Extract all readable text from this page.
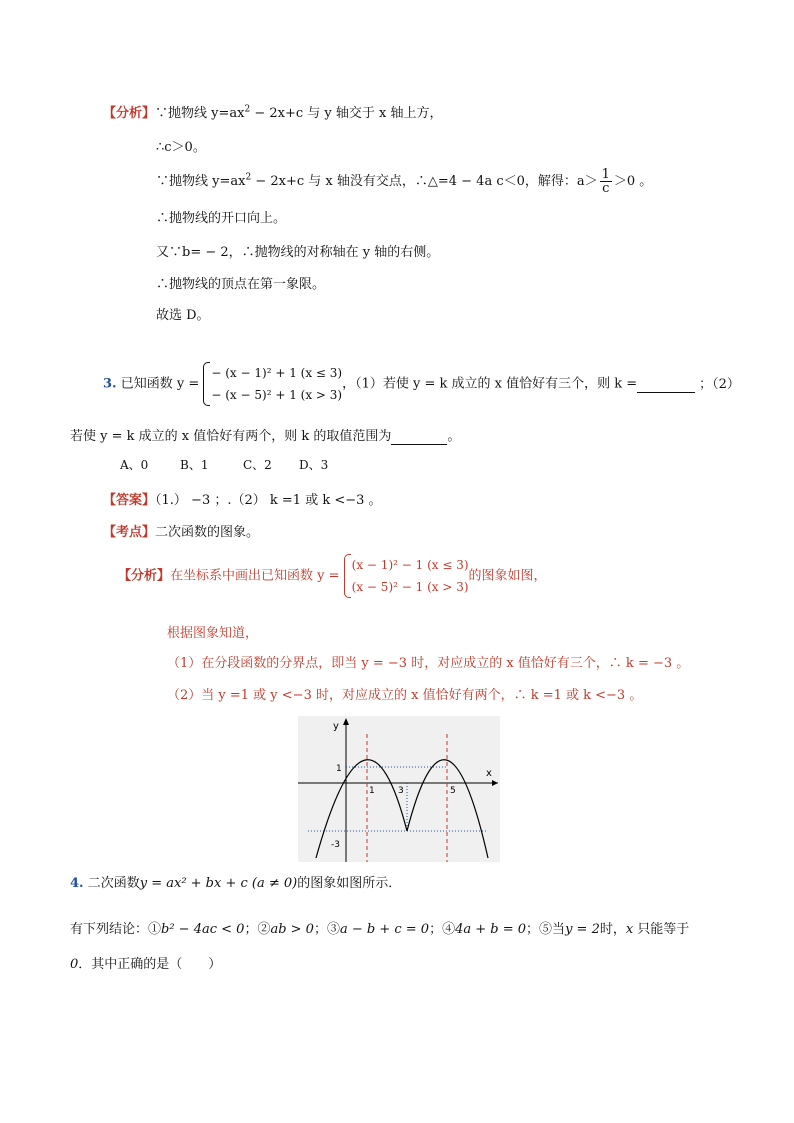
【分析】∵抛物线 $y=ax^2 - 2x+c$ 与 y 轴交于 x 轴上方，
∴c＞0。
∵抛物线 $y=ax^2 - 2x+c$ 与 x 轴没有交点，∴△=4 − 4a c＜0，解得：$a> \frac{1}{c} >0$ 。
∴抛物线的开口向上。
又∵b= − 2，∴抛物线的对称轴在 y 轴的右侧。
∴抛物线的顶点在第一象限。
故选 D。
3. 已知函数 y =
− (x − 1)² + 1 (x ≤ 3)
− (x − 5)² + 1 (x > 3)
，（1）若使 y = k 成立的 x 值恰好有三个，则 k =	；（2）
若使 y = k 成立的 x 值恰好有两个，则 k 的取值范围为	。
A、0	B、1	C、2 D、3
【答案】（1.） −3 ；.（2） k =1 或 k <−3 。
【考点】二次函数的图象。
【分析】在坐标系中画出已知函数 y =
(x − 1)² − 1 (x ≤ 3)
(x − 5)² − 1 (x > 3)
的图象如图，
根据图象知道，
（1）在分段函数的分界点，即当 y = −3 时，对应成立的 x 值恰好有三个，∴ k = −3 。
（2）当 y =1 或 y <−3 时，对应成立的 x 值恰好有两个，∴ k =1 或 k <−3 。
y
x
1
-3
1	3	5
4. 二次函数y = ax² + bx + c (a ≠ 0)的图象如图所示．
有下列结论：①b² − 4ac < 0；②ab > 0；③a − b + c = 0；④4a + b = 0；⑤当y = 2时，x 只能等于
0．其中正确的是（　　）
